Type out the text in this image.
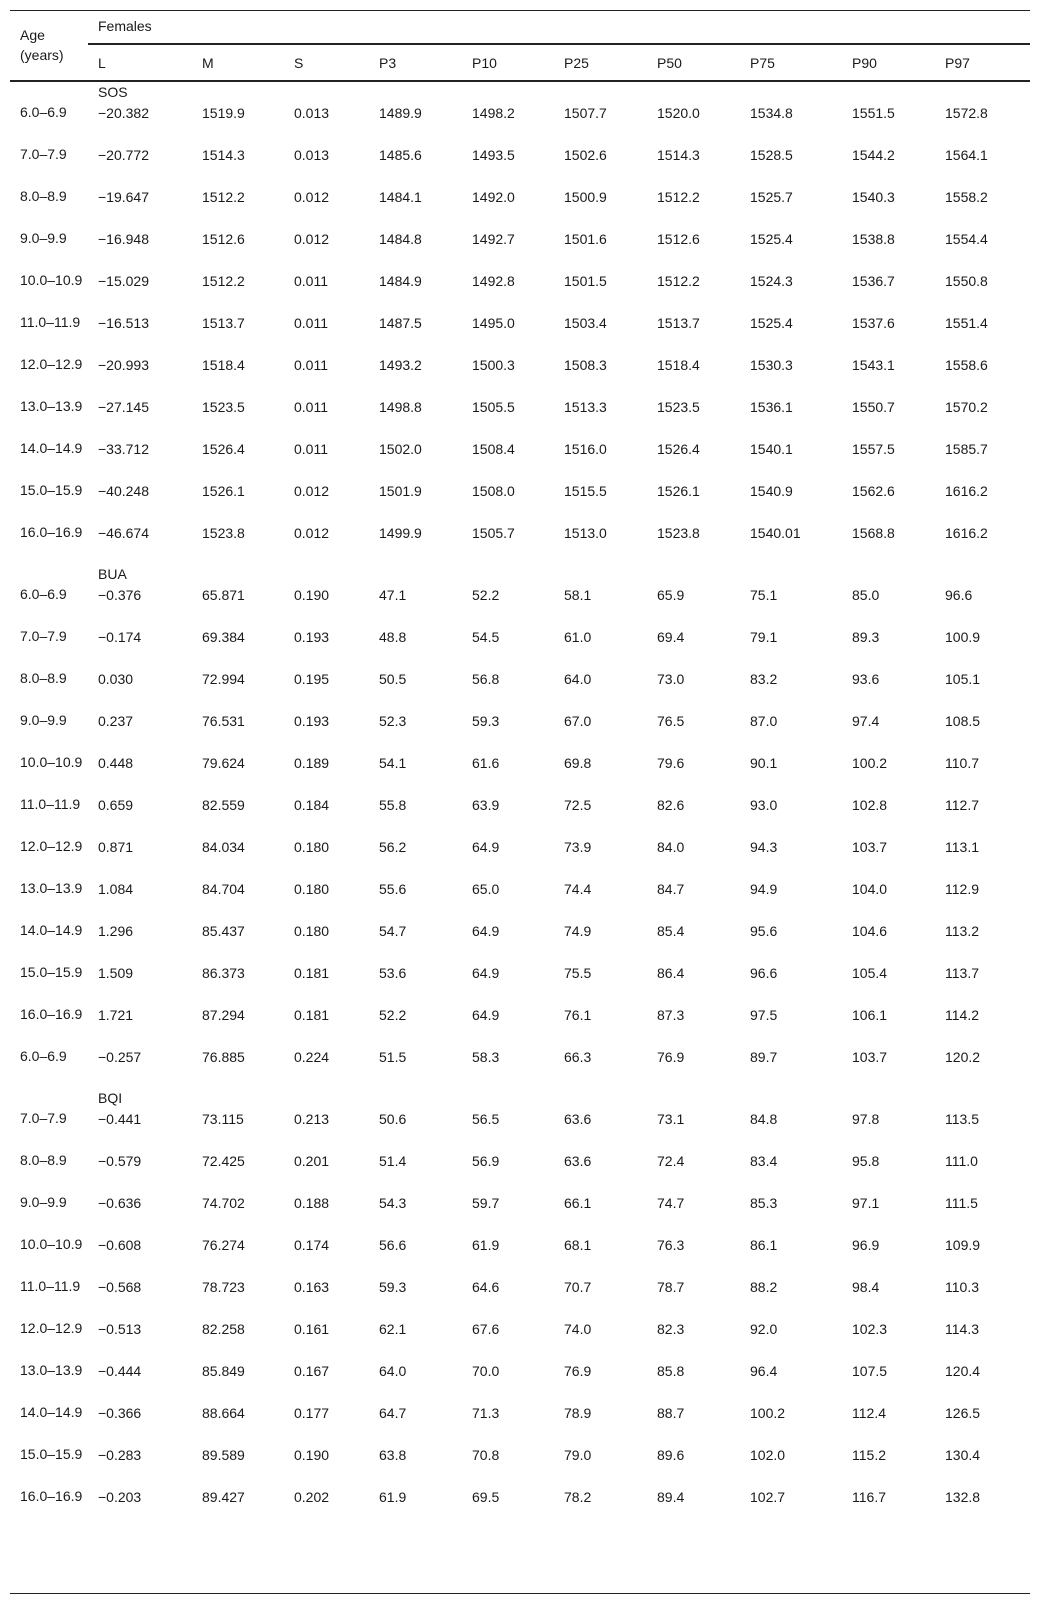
Age (years)	Females									
	L	M	S	P3	P10	P25	P50	P75	P90	P97
	SOS									
6.0–6.9	−20.382	1519.9	0.013	1489.9	1498.2	1507.7	1520.0	1534.8	1551.5	1572.8
7.0–7.9	−20.772	1514.3	0.013	1485.6	1493.5	1502.6	1514.3	1528.5	1544.2	1564.1
8.0–8.9	−19.647	1512.2	0.012	1484.1	1492.0	1500.9	1512.2	1525.7	1540.3	1558.2
9.0–9.9	−16.948	1512.6	0.012	1484.8	1492.7	1501.6	1512.6	1525.4	1538.8	1554.4
10.0–10.9	−15.029	1512.2	0.011	1484.9	1492.8	1501.5	1512.2	1524.3	1536.7	1550.8
11.0–11.9	−16.513	1513.7	0.011	1487.5	1495.0	1503.4	1513.7	1525.4	1537.6	1551.4
12.0–12.9	−20.993	1518.4	0.011	1493.2	1500.3	1508.3	1518.4	1530.3	1543.1	1558.6
13.0–13.9	−27.145	1523.5	0.011	1498.8	1505.5	1513.3	1523.5	1536.1	1550.7	1570.2
14.0–14.9	−33.712	1526.4	0.011	1502.0	1508.4	1516.0	1526.4	1540.1	1557.5	1585.7
15.0–15.9	−40.248	1526.1	0.012	1501.9	1508.0	1515.5	1526.1	1540.9	1562.6	1616.2
16.0–16.9	−46.674	1523.8	0.012	1499.9	1505.7	1513.0	1523.8	1540.01	1568.8	1616.2
	BUA									
6.0–6.9	−0.376	65.871	0.190	47.1	52.2	58.1	65.9	75.1	85.0	96.6
7.0–7.9	−0.174	69.384	0.193	48.8	54.5	61.0	69.4	79.1	89.3	100.9
8.0–8.9	0.030	72.994	0.195	50.5	56.8	64.0	73.0	83.2	93.6	105.1
9.0–9.9	0.237	76.531	0.193	52.3	59.3	67.0	76.5	87.0	97.4	108.5
10.0–10.9	0.448	79.624	0.189	54.1	61.6	69.8	79.6	90.1	100.2	110.7
11.0–11.9	0.659	82.559	0.184	55.8	63.9	72.5	82.6	93.0	102.8	112.7
12.0–12.9	0.871	84.034	0.180	56.2	64.9	73.9	84.0	94.3	103.7	113.1
13.0–13.9	1.084	84.704	0.180	55.6	65.0	74.4	84.7	94.9	104.0	112.9
14.0–14.9	1.296	85.437	0.180	54.7	64.9	74.9	85.4	95.6	104.6	113.2
15.0–15.9	1.509	86.373	0.181	53.6	64.9	75.5	86.4	96.6	105.4	113.7
16.0–16.9	1.721	87.294	0.181	52.2	64.9	76.1	87.3	97.5	106.1	114.2
6.0–6.9	−0.257	76.885	0.224	51.5	58.3	66.3	76.9	89.7	103.7	120.2
	BQI									
7.0–7.9	−0.441	73.115	0.213	50.6	56.5	63.6	73.1	84.8	97.8	113.5
8.0–8.9	−0.579	72.425	0.201	51.4	56.9	63.6	72.4	83.4	95.8	111.0
9.0–9.9	−0.636	74.702	0.188	54.3	59.7	66.1	74.7	85.3	97.1	111.5
10.0–10.9	−0.608	76.274	0.174	56.6	61.9	68.1	76.3	86.1	96.9	109.9
11.0–11.9	−0.568	78.723	0.163	59.3	64.6	70.7	78.7	88.2	98.4	110.3
12.0–12.9	−0.513	82.258	0.161	62.1	67.6	74.0	82.3	92.0	102.3	114.3
13.0–13.9	−0.444	85.849	0.167	64.0	70.0	76.9	85.8	96.4	107.5	120.4
14.0–14.9	−0.366	88.664	0.177	64.7	71.3	78.9	88.7	100.2	112.4	126.5
15.0–15.9	−0.283	89.589	0.190	63.8	70.8	79.0	89.6	102.0	115.2	130.4
16.0–16.9	−0.203	89.427	0.202	61.9	69.5	78.2	89.4	102.7	116.7	132.8
